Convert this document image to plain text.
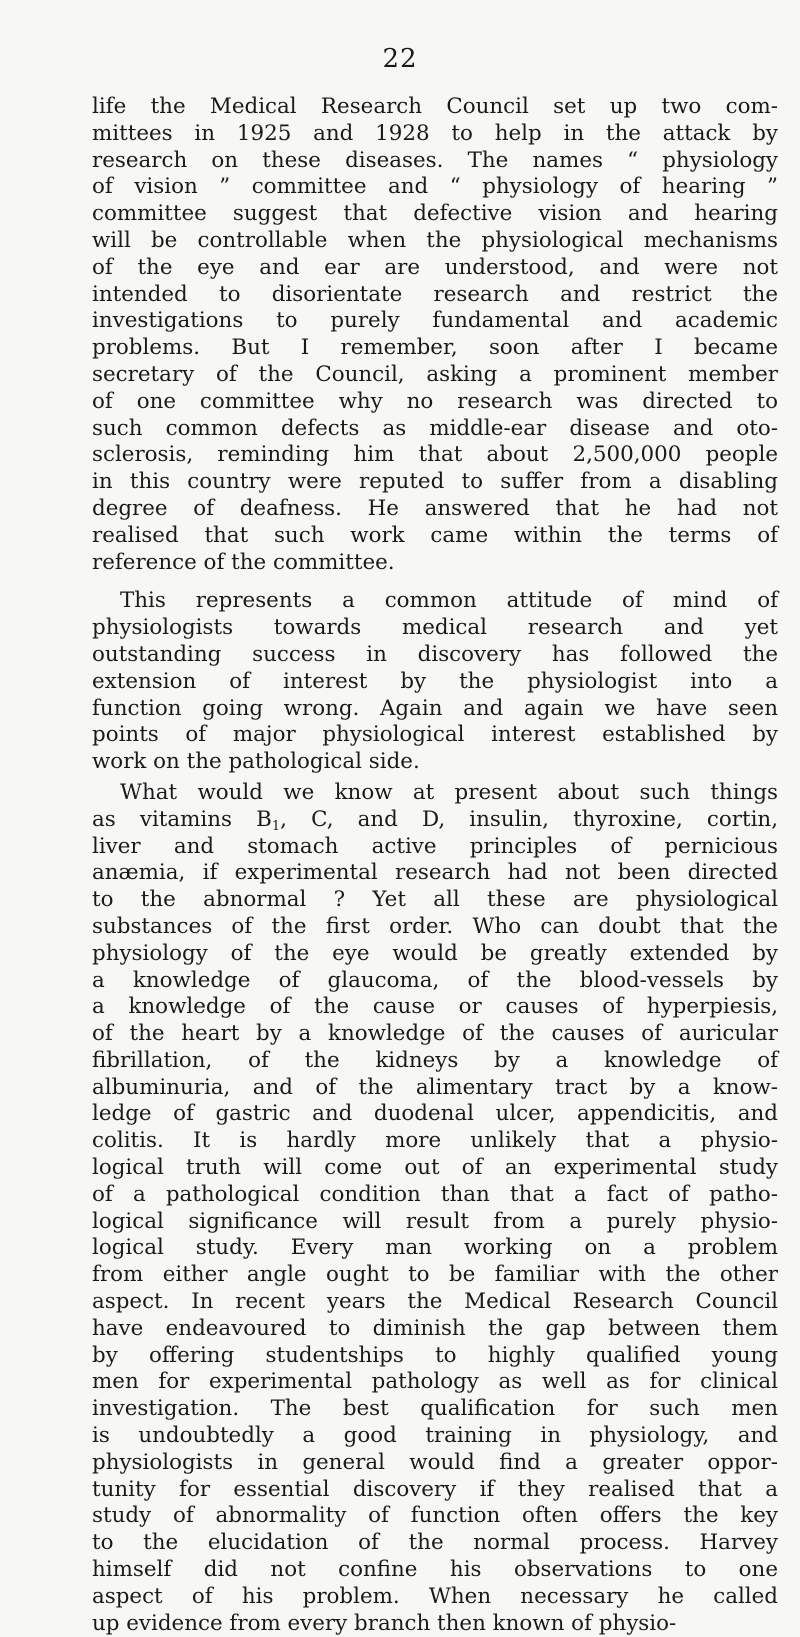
22
life the Medical Research Council set up two com-
mittees in 1925 and 1928 to help in the attack by
research on these diseases. The names “ physiology
of vision ” committee and “ physiology of hearing ”
committee suggest that defective vision and hearing
will be controllable when the physiological mechanisms
of the eye and ear are understood, and were not
intended to disorientate research and restrict the
investigations to purely fundamental and academic
problems. But I remember, soon after I became
secretary of the Council, asking a prominent member
of one committee why no research was directed to
such common defects as middle-ear disease and oto-
sclerosis, reminding him that about 2,500,000 people
in this country were reputed to suffer from a disabling
degree of deafness. He answered that he had not
realised that such work came within the terms of
reference of the committee.
This represents a common attitude of mind of
physiologists towards medical research and yet
outstanding success in discovery has followed the
extension of interest by the physiologist into a
function going wrong. Again and again we have seen
points of major physiological interest established by
work on the pathological side.
What would we know at present about such things
as vitamins $B_1$, C, and D, insulin, thyroxine, cortin,
liver and stomach active principles of pernicious
anæmia, if experimental research had not been directed
to the abnormal ? Yet all these are physiological
substances of the first order. Who can doubt that the
physiology of the eye would be greatly extended by
a knowledge of glaucoma, of the blood-vessels by
a knowledge of the cause or causes of hyperpiesis,
of the heart by a knowledge of the causes of auricular
fibrillation, of the kidneys by a knowledge of
albuminuria, and of the alimentary tract by a know-
ledge of gastric and duodenal ulcer, appendicitis, and
colitis. It is hardly more unlikely that a physio-
logical truth will come out of an experimental study
of a pathological condition than that a fact of patho-
logical significance will result from a purely physio-
logical study. Every man working on a problem
from either angle ought to be familiar with the other
aspect. In recent years the Medical Research Council
have endeavoured to diminish the gap between them
by offering studentships to highly qualified young
men for experimental pathology as well as for clinical
investigation. The best qualification for such men
is undoubtedly a good training in physiology, and
physiologists in general would find a greater oppor-
tunity for essential discovery if they realised that a
study of abnormality of function often offers the key
to the elucidation of the normal process. Harvey
himself did not confine his observations to one
aspect of his problem. When necessary he called
up evidence from every branch then known of physio-
